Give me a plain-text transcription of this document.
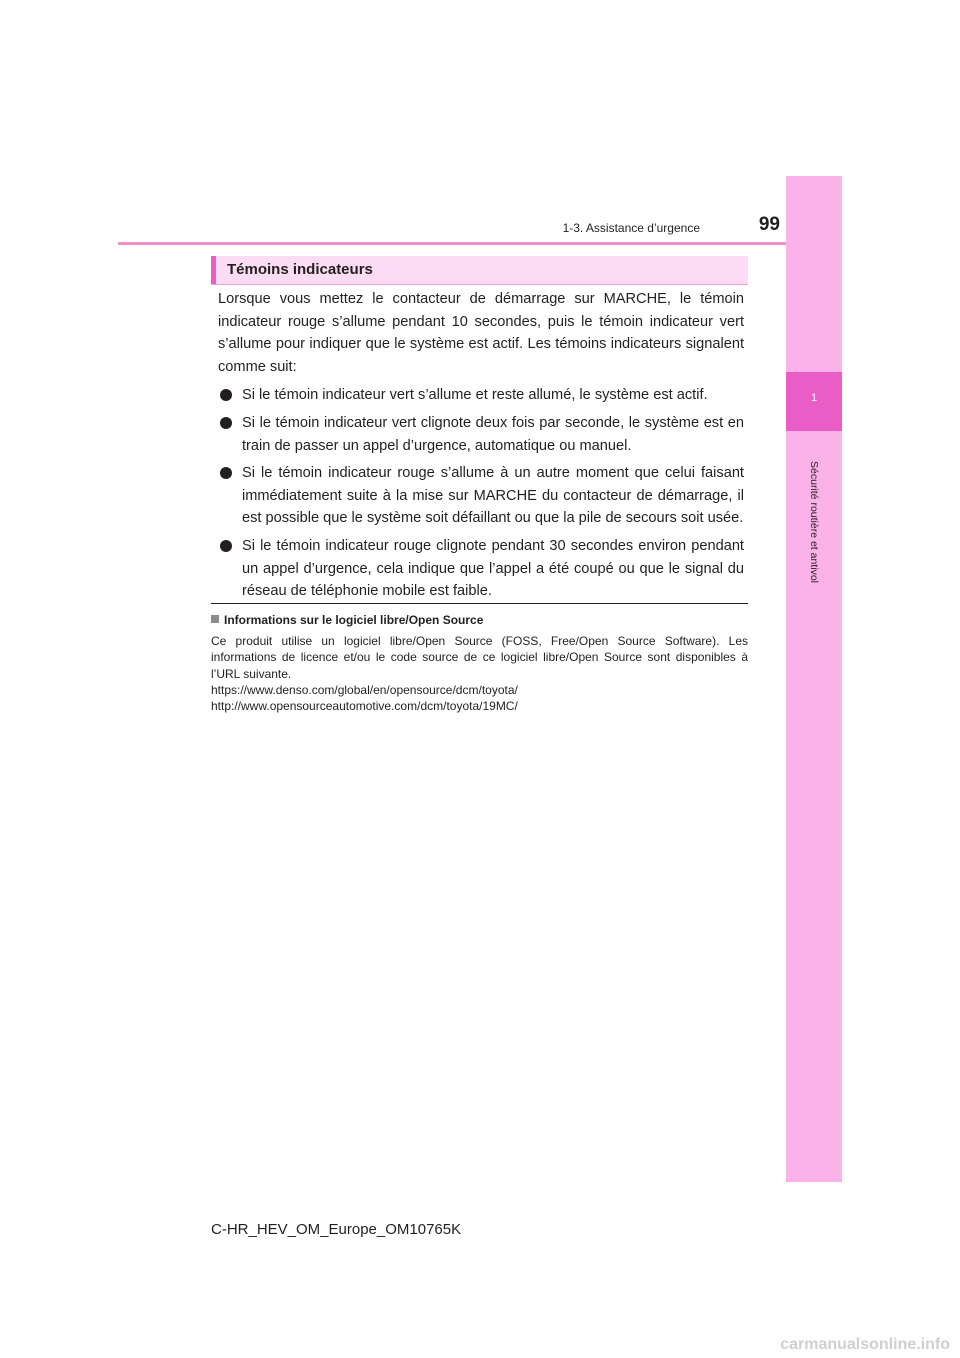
1-3. Assistance d’urgence	99
1
Sécurité routière et antivol
Témoins indicateurs

Lorsque vous mettez le contacteur de démarrage sur MARCHE, le témoin indicateur rouge s’allume pendant 10 secondes, puis le témoin indicateur vert s’allume pour indiquer que le système est actif. Les témoins indicateurs signalent comme suit:

Si le témoin indicateur vert s’allume et reste allumé, le système est actif.
Si le témoin indicateur vert clignote deux fois par seconde, le système est en train de passer un appel d’urgence, automatique ou manuel.
Si le témoin indicateur rouge s’allume à un autre moment que celui faisant immédiatement suite à la mise sur MARCHE du contacteur de démarrage, il est possible que le système soit défaillant ou que la pile de secours soit usée.
Si le témoin indicateur rouge clignote pendant 30 secondes environ pendant un appel d’urgence, cela indique que l’appel a été coupé ou que le signal du réseau de téléphonie mobile est faible.
Informations sur le logiciel libre/Open Source
Ce produit utilise un logiciel libre/Open Source (FOSS, Free/Open Source Software). Les informations de licence et/ou le code source de ce logiciel libre/Open Source sont disponibles à l’URL suivante.
https://www.denso.com/global/en/opensource/dcm/toyota/
http://www.opensourceautomotive.com/dcm/toyota/19MC/
C-HR_HEV_OM_Europe_OM10765K
carmanualsonline.info
